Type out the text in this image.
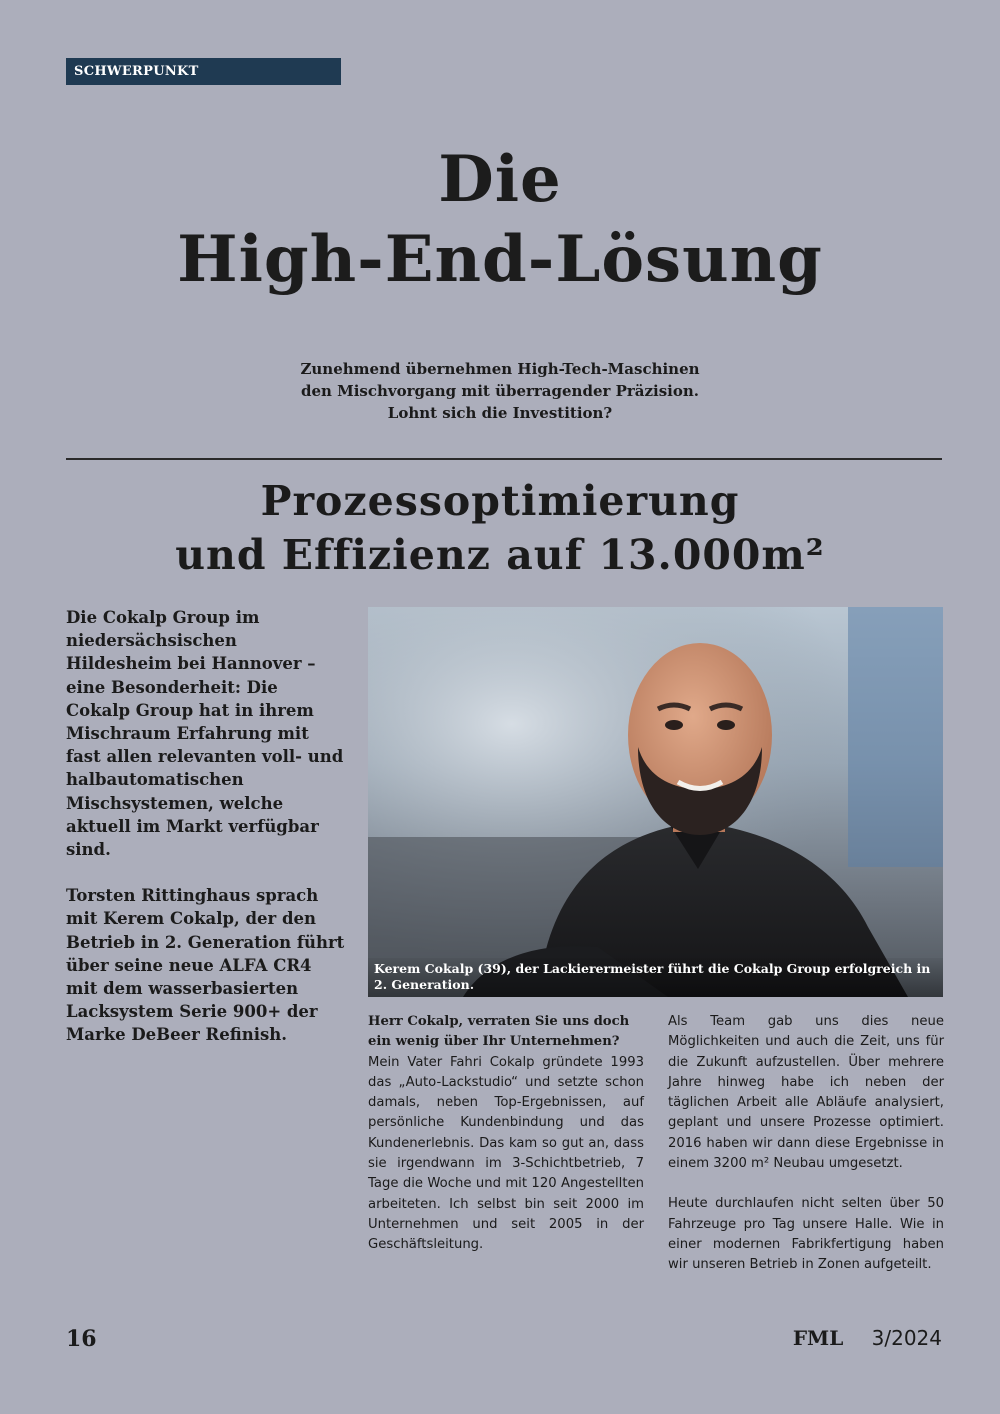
SCHWERPUNKT
Die
High-End-Lösung
Zunehmend übernehmen High-Tech-Maschinen
den Mischvorgang mit überragender Präzision.
Lohnt sich die Investition?
Prozessoptimierung
und Effizienz auf 13.000m²

Die Cokalp Group im niedersächsischen Hildesheim bei Hannover – eine Besonderheit: Die Cokalp Group hat in ihrem Mischraum Erfahrung mit fast allen relevanten voll- und halbautomatischen Mischsystemen, welche aktuell im Markt verfügbar sind.

Torsten Rittinghaus sprach mit Kerem Cokalp, der den Betrieb in 2. Generation führt über seine neue ALFA CR4 mit dem wasserbasierten Lacksystem Serie 900+ der Marke DeBeer Refinish.

Kerem Cokalp (39), der Lackierermeister führt die Cokalp Group erfolgreich in 2. Generation.
Herr Cokalp, verraten Sie uns doch ein wenig über Ihr Unternehmen?

Mein Vater Fahri Cokalp gründete 1993 das „Auto-Lackstudio“ und setzte schon damals, neben Top-Ergebnissen, auf persönliche Kundenbindung und das Kundenerlebnis. Das kam so gut an, dass sie irgendwann im 3-Schichtbetrieb, 7 Tage die Woche und mit 120 Angestellten arbeiteten. Ich selbst bin seit 2000 im Unternehmen und seit 2005 in der Geschäftsleitung.

Als Team gab uns dies neue Möglichkeiten und auch die Zeit, uns für die Zukunft aufzustellen. Über mehrere Jahre hinweg habe ich neben der täglichen Arbeit alle Abläufe analysiert, geplant und unsere Prozesse optimiert. 2016 haben wir dann diese Ergebnisse in einem 3200 m² Neubau umgesetzt.

Heute durchlaufen nicht selten über 50 Fahrzeuge pro Tag unsere Halle. Wie in einer modernen Fabrikfertigung haben wir unseren Betrieb in Zonen aufgeteilt.

16	FML 3/2024
